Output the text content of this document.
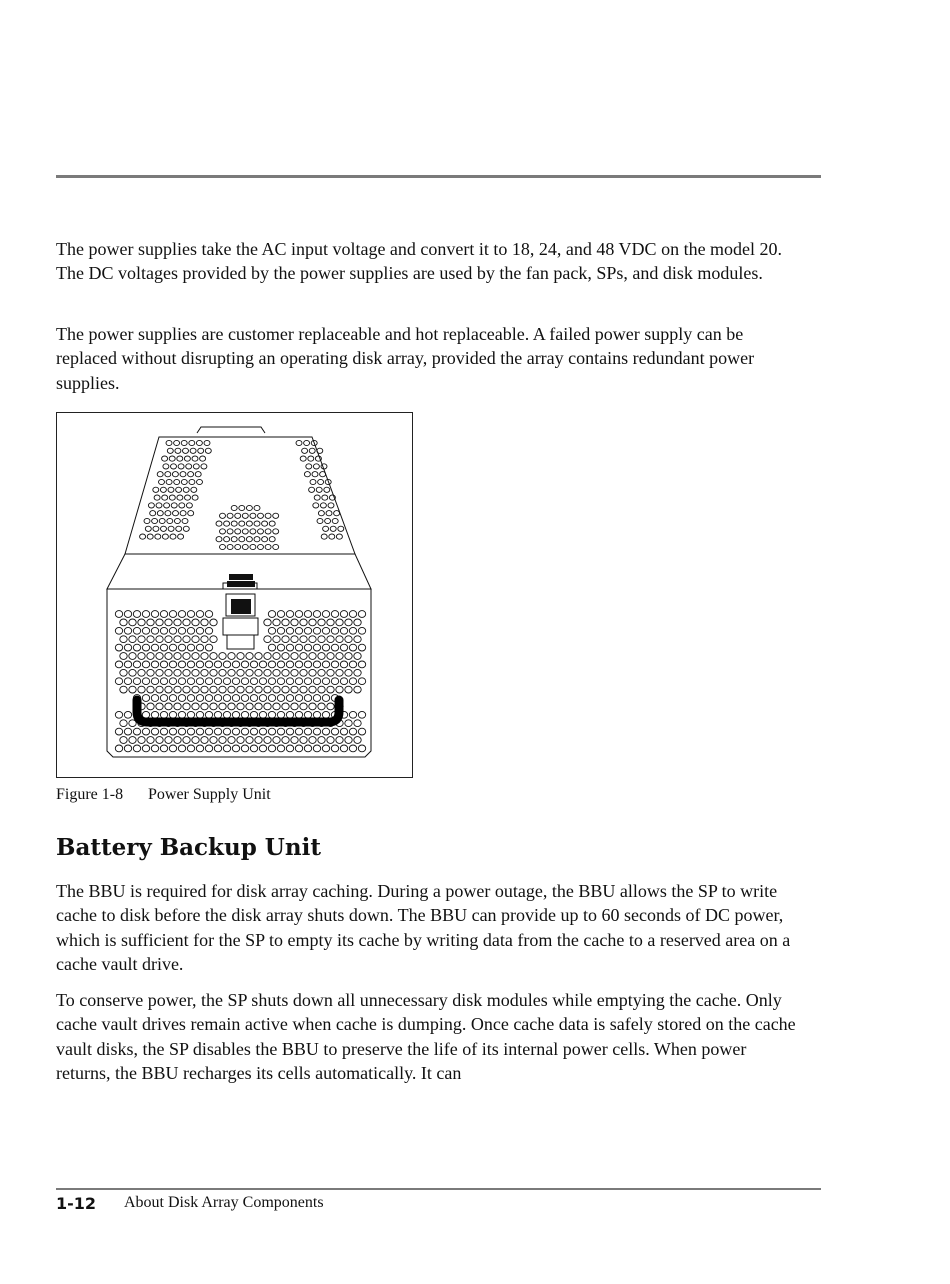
The power supplies take the AC input voltage and convert it to 18, 24, and 48 VDC on the model 20. The DC voltages provided by the power supplies are used by the fan pack, SPs, and disk modules.

The power supplies are customer replaceable and hot replaceable. A failed power supply can be replaced without disrupting an operating disk array, provided the array contains redundant power supplies.

Figure 1-8 Power Supply Unit
Battery Backup Unit

The BBU is required for disk array caching. During a power outage, the BBU allows the SP to write cache to disk before the disk array shuts down. The BBU can provide up to 60 seconds of DC power, which is sufficient for the SP to empty its cache by writing data from the cache to a reserved area on a cache vault drive.

To conserve power, the SP shuts down all unnecessary disk modules while emptying the cache. Only cache vault drives remain active when cache is dumping. Once cache data is safely stored on the cache vault disks, the SP disables the BBU to preserve the life of its internal power cells. When power returns, the BBU recharges its cells automatically. It can

1-12 About Disk Array Components
